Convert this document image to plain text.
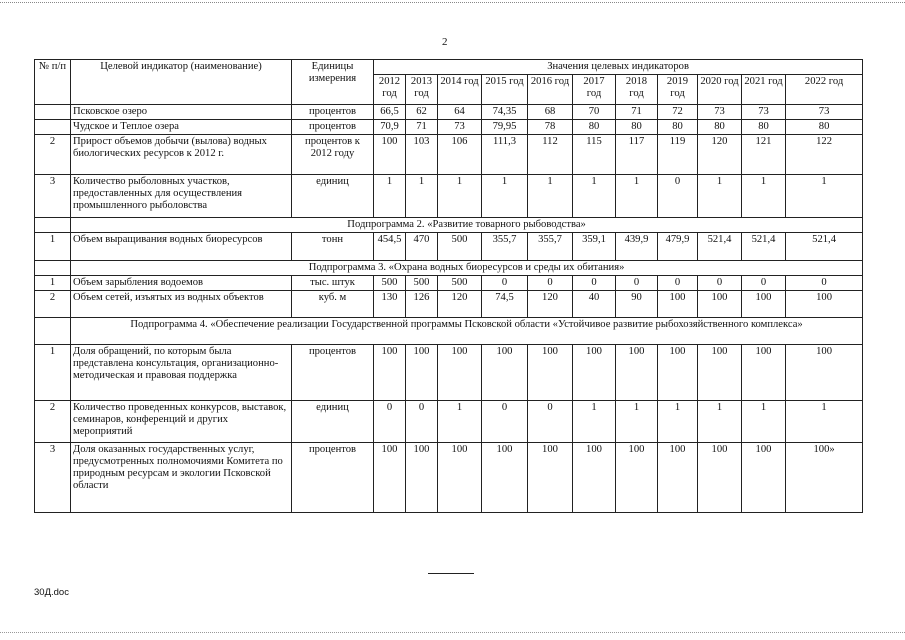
2
№ п/п	Целевой индикатор (наименование)	Единицы измерения	Значения целевых индикаторов										
			2012 год	2013 год	2014 год	2015 год	2016 год	2017 год	2018 год	2019 год	2020 год	2021 год	2022 год
	Псковское озеро	процентов	66,5	62	64	74,35	68	70	71	72	73	73	73
	Чудское и Теплое озера	процентов	70,9	71	73	79,95	78	80	80	80	80	80	80
2	Прирост объемов добычи (вылова) водных биологических ресурсов к 2012 г.	процентов к 2012 году	100	103	106	111,3	112	115	117	119	120	121	122
3	Количество рыболовных участков, предоставленных для осуществления промышленного рыболовства	единиц	1	1	1	1	1	1	1	0	1	1	1
	Подпрограмма 2. «Развитие товарного рыбоводства»												
1	Объем выращивания водных биоресурсов	тонн	454,5	470	500	355,7	355,7	359,1	439,9	479,9	521,4	521,4	521,4
	Подпрограмма 3. «Охрана водных биоресурсов и среды их обитания»												
1	Объем зарыбления водоемов	тыс. штук	500	500	500	0	0	0	0	0	0	0	0
2	Объем сетей, изъятых из водных объектов	куб. м	130	126	120	74,5	120	40	90	100	100	100	100
	Подпрограмма 4. «Обеспечение реализации Государственной программы Псковской области «Устойчивое развитие рыбохозяйственного комплекса»												
1	Доля обращений, по которым была представлена консультация, организационно-методическая и правовая поддержка	процентов	100	100	100	100	100	100	100	100	100	100	100
2	Количество проведенных конкурсов, выставок, семинаров, конференций и других мероприятий	единиц	0	0	1	0	0	1	1	1	1	1	1
3	Доля оказанных государственных услуг, предусмотренных полномочиями Комитета по природным ресурсам и экологии Псковской области	процентов	100	100	100	100	100	100	100	100	100	100	100»
30Д.doc
